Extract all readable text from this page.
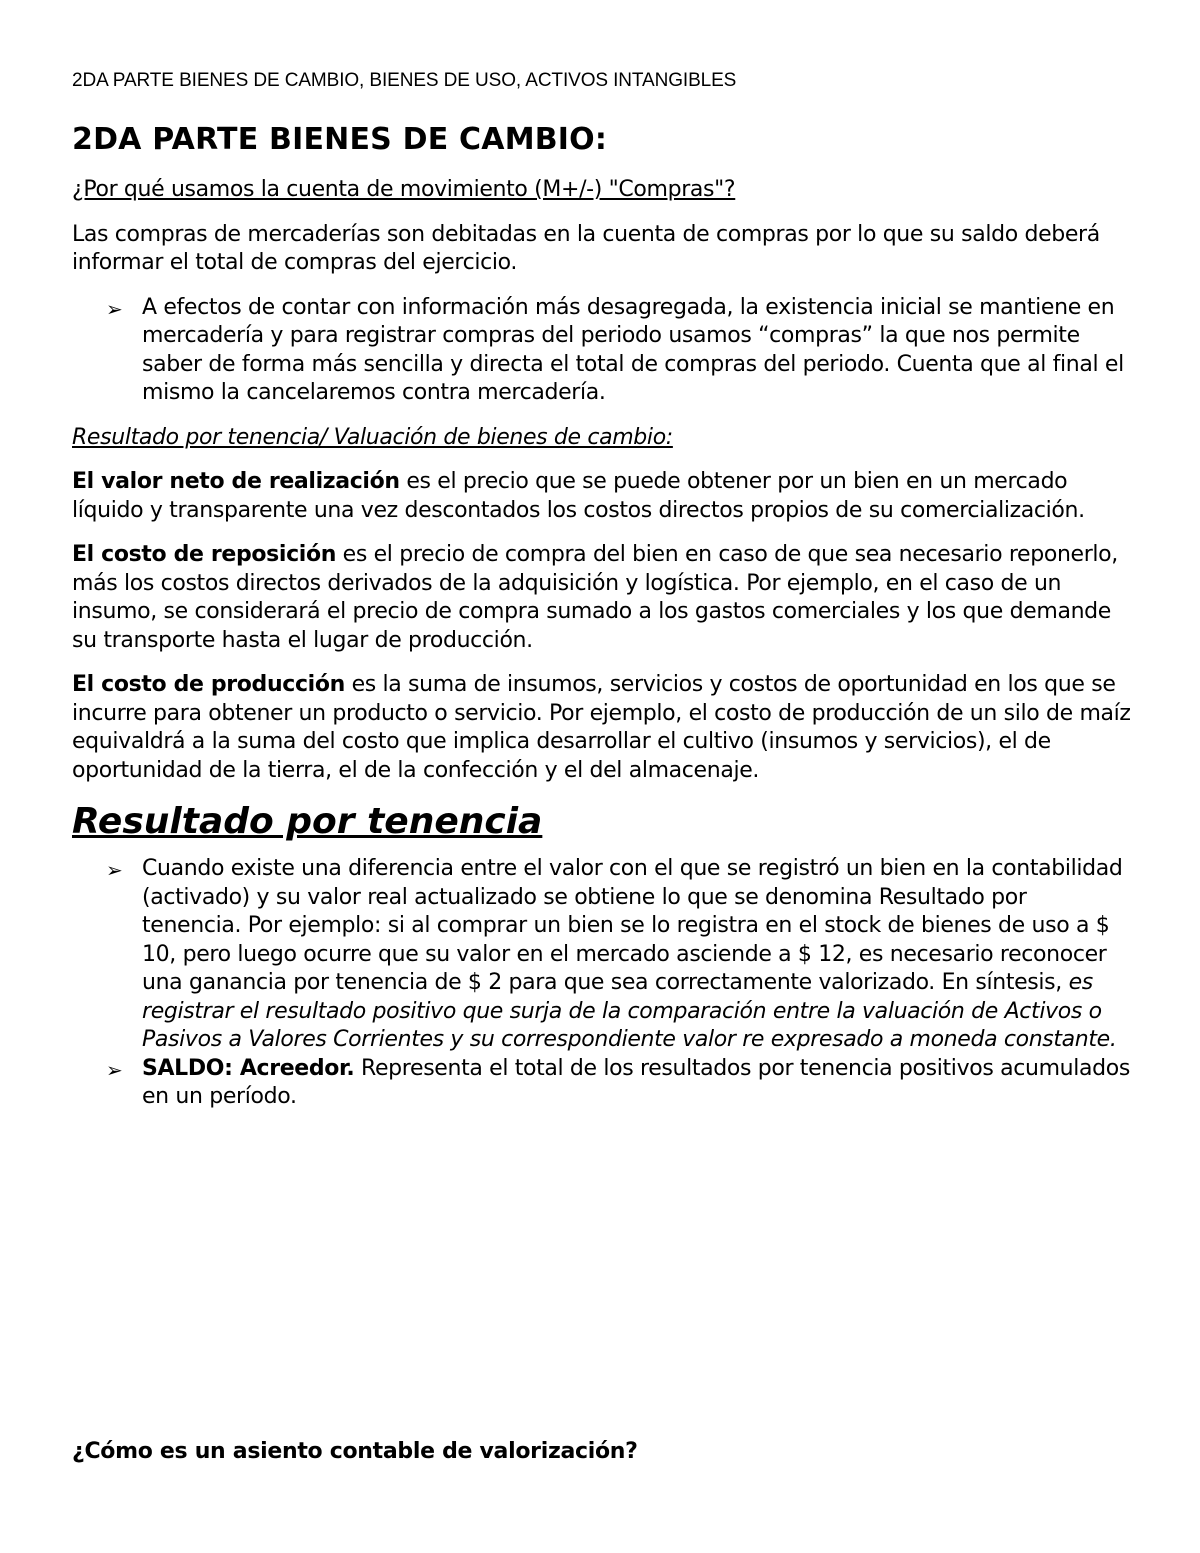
2DA PARTE BIENES DE CAMBIO, BIENES DE USO, ACTIVOS INTANGIBLES
2DA PARTE BIENES DE CAMBIO:

¿Por qué usamos la cuenta de movimiento (M+/-) "Compras"?

Las compras de mercaderías son debitadas en la cuenta de compras por lo que su saldo deberá informar el total de compras del ejercicio.

➢ A efectos de contar con información más desagregada, la existencia inicial se mantiene en mercadería y para registrar compras del periodo usamos “compras” la que nos permite saber de forma más sencilla y directa el total de compras del periodo. Cuenta que al final el mismo la cancelaremos contra mercadería.

Resultado por tenencia/ Valuación de bienes de cambio:

El valor neto de realización es el precio que se puede obtener por un bien en un mercado líquido y transparente una vez descontados los costos directos propios de su comercialización.

El costo de reposición es el precio de compra del bien en caso de que sea necesario reponerlo, más los costos directos derivados de la adquisición y logística. Por ejemplo, en el caso de un insumo, se considerará el precio de compra sumado a los gastos comerciales y los que demande su transporte hasta el lugar de producción.

El costo de producción es la suma de insumos, servicios y costos de oportunidad en los que se incurre para obtener un producto o servicio. Por ejemplo, el costo de producción de un silo de maíz equivaldrá a la suma del costo que implica desarrollar el cultivo (insumos y servicios), el de oportunidad de la tierra, el de la confección y el del almacenaje.

Resultado por tenencia
➢ Cuando existe una diferencia entre el valor con el que se registró un bien en la contabilidad (activado) y su valor real actualizado se obtiene lo que se denomina Resultado por tenencia. Por ejemplo: si al comprar un bien se lo registra en el stock de bienes de uso a $ 10, pero luego ocurre que su valor en el mercado asciende a $ 12, es necesario reconocer una ganancia por tenencia de $ 2 para que sea correctamente valorizado. En síntesis, es registrar el resultado positivo que surja de la comparación entre la valuación de Activos o Pasivos a Valores Corrientes y su correspondiente valor re expresado a moneda constante.
➢ SALDO: Acreedor. Representa el total de los resultados por tenencia positivos acumulados en un período.

¿Cómo es un asiento contable de valorización?
